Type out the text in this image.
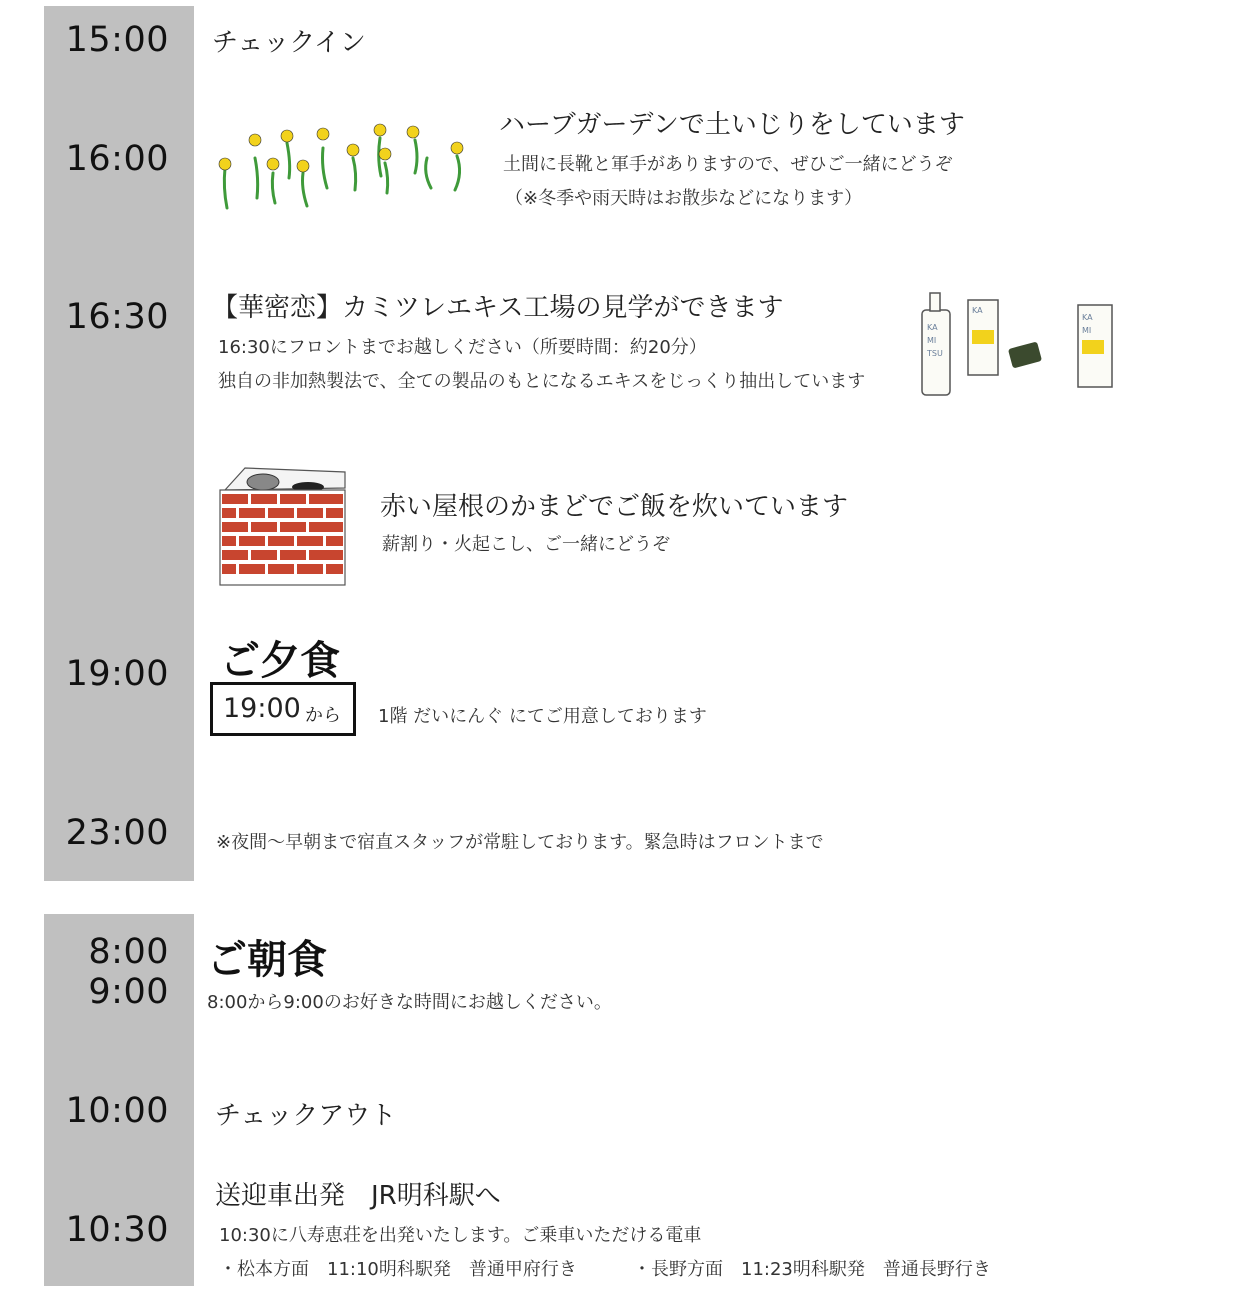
15:00
16:00
16:30
19:00
23:00
チェックイン
ハーブガーデンで土いじりをしています
土間に長靴と軍手がありますので、ぜひご一緒にどうぞ
（※冬季や雨天時はお散歩などになります）
【華密恋】カミツレエキス工場の見学ができます
16:30にフロントまでお越しください（所要時間：約20分）
独自の非加熱製法で、全ての製品のもとになるエキスをじっくり抽出しています
KA
MI
TSU
KA
KA
MI
赤い屋根のかまどでご飯を炊いています
薪割り・火起こし、ご一緒にどうぞ
ご夕食
19:00 から 1階 だいにんぐ にてご用意しております
※夜間～早朝まで宿直スタッフが常駐しております。緊急時はフロントまで
8:00
9:00
10:00
10:30
ご朝食
8:00から9:00のお好きな時間にお越しください。
チェックアウト
送迎車出発　JR明科駅へ
10:30に八寿恵荘を出発いたします。ご乗車いただける電車
・松本方面　11:10明科駅発　普通甲府行き	・長野方面　11:23明科駅発　普通長野行き
